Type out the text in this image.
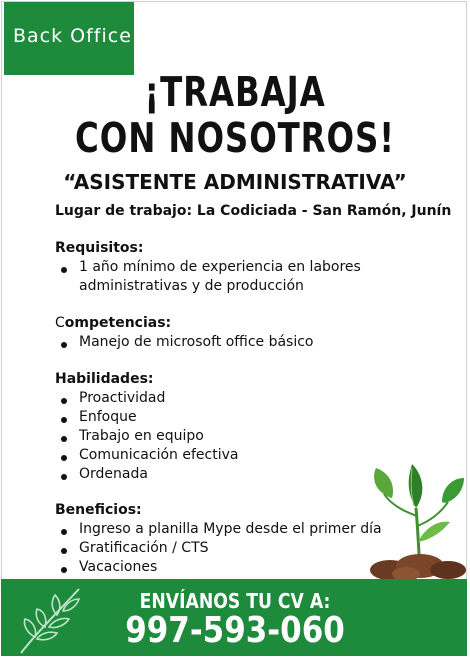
Back Office
¡TRABAJA
CON NOSOTROS!
“ASISTENTE ADMINISTRATIVA”
Lugar de trabajo: La Codiciada - San Ramón, Junín
Requisitos:
1 año mínimo de experiencia en labores
administrativas y de producción
Competencias:
Manejo de microsoft office básico
Habilidades:
Proactividad
Enfoque
Trabajo en equipo
Comunicación efectiva
Ordenada
Beneficios:
Ingreso a planilla Mype desde el primer día
Gratificación / CTS
Vacaciones
ENVÍANOS TU CV A:
997-593-060
